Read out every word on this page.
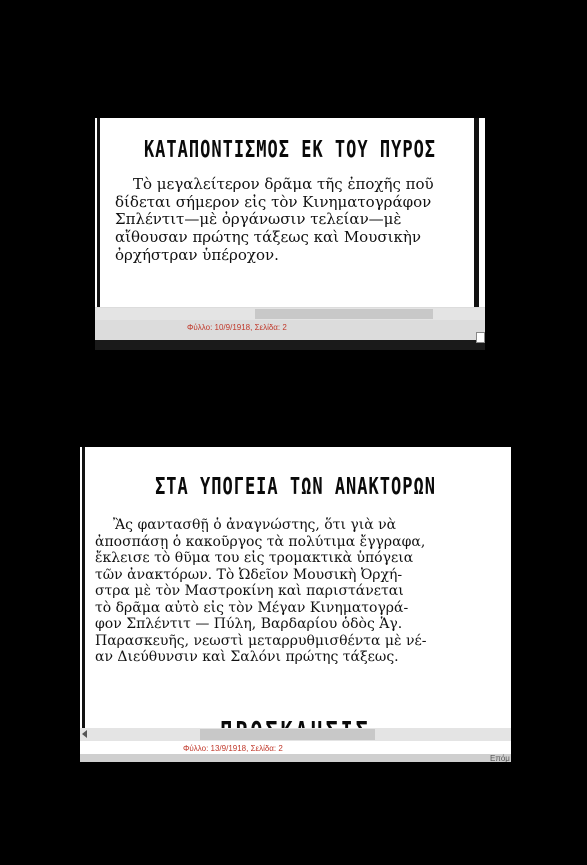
ΚΑΤΑΠΟΝΤΙΣΜΟΣ ΕΚ ΤΟΥ ΠΥΡΟΣ
Τὸ μεγαλείτερον δρᾶμα τῆς ἐποχῆς ποῦ
δίδεται σήμερον εἰς τὸν Κινηματογράφον
Σπλέντιτ—μὲ ὀργάνωσιν τελείαν—μὲ
αἴθουσαν πρώτης τάξεως καὶ Μουσικὴν
ὀρχήστραν ὑπέροχον.
Φύλλο: 10/9/1918, Σελίδα: 2
ΣΤΑ ΥΠΟΓΕΙΑ ΤΩΝ ΑΝΑΚΤΟΡΩΝ
Ἂς φαντασθῇ ὁ ἀναγνώστης, ὅτι γιὰ νὰ
ἀποσπάσῃ ὁ κακοῦργος τὰ πολύτιμα ἔγγραφα,
ἔκλεισε τὸ θῦμα του εἰς τρομακτικὰ ὑπόγεια
τῶν ἀνακτόρων. Τὸ Ὠδεῖον Μουσικὴ Ὀρχή-
στρα μὲ τὸν Μαστροκίνη καὶ παριστάνεται
τὸ δρᾶμα αὐτὸ εἰς τὸν Μέγαν Κινηματογρά-
φον Σπλέντιτ — Πύλη, Βαρδαρίου ὁδὸς Ἁγ.
Παρασκευῆς, νεωστὶ μεταρρυθμισθέντα μὲ νέ-
αν Διεύθυνσιν καὶ Σαλόνι πρώτης τάξεως.
Φύλλο: 13/9/1918, Σελίδα: 2
Επόμ
